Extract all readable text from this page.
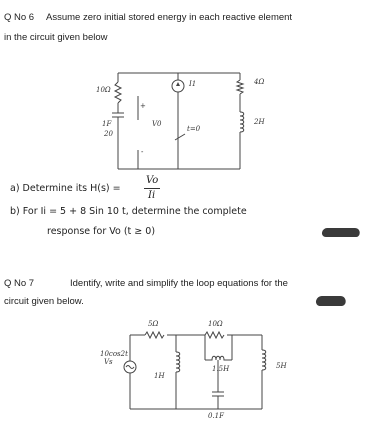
Q No 6 Assume zero initial stored energy in each reactive element
in the circuit given below
10Ω
I1	4Ω
2H
1F
20
V0
+
-
t=0
a) Determine its H(s) =
Vo
Ii
b) For Ii = 5 + 8 Sin 10 t, determine the complete
response for Vo (t ≥ 0)
Q No 7	Identify, write and simplify the loop equations for the
circuit given below.
5Ω	10Ω
10cos2t
Vs
1H
1.5H	5H
0.1F
